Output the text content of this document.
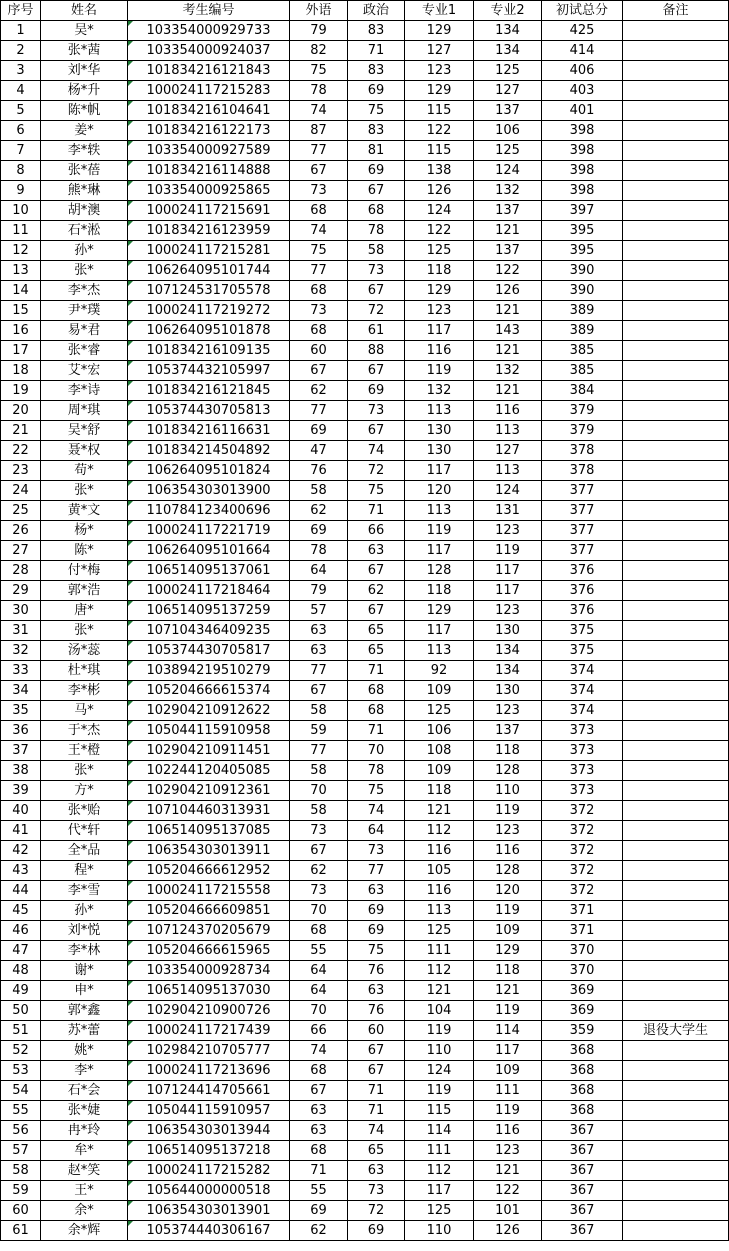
序号	姓名	考生编号	外语	政治	专业1	专业2	初试总分	备注
1	吴*	103354000929733	79	83	129	134	425	
2	张*茜	103354000924037	82	71	127	134	414	
3	刘*华	101834216121843	75	83	123	125	406	
4	杨*升	100024117215283	78	69	129	127	403	
5	陈*帆	101834216104641	74	75	115	137	401	
6	姜*	101834216122173	87	83	122	106	398	
7	李*轶	103354000927589	77	81	115	125	398	
8	张*蓓	101834216114888	67	69	138	124	398	
9	熊*琳	103354000925865	73	67	126	132	398	
10	胡*澳	100024117215691	68	68	124	137	397	
11	石*淞	101834216123959	74	78	122	121	395	
12	孙*	100024117215281	75	58	125	137	395	
13	张*	106264095101744	77	73	118	122	390	
14	李*杰	107124531705578	68	67	129	126	390	
15	尹*璞	100024117219272	73	72	123	121	389	
16	易*君	106264095101878	68	61	117	143	389	
17	张*睿	101834216109135	60	88	116	121	385	
18	艾*宏	105374432105997	67	67	119	132	385	
19	李*诗	101834216121845	62	69	132	121	384	
20	周*琪	105374430705813	77	73	113	116	379	
21	吴*舒	101834216116631	69	67	130	113	379	
22	聂*权	101834214504892	47	74	130	127	378	
23	苟*	106264095101824	76	72	117	113	378	
24	张*	106354303013900	58	75	120	124	377	
25	黄*文	110784123400696	62	71	113	131	377	
26	杨*	100024117221719	69	66	119	123	377	
27	陈*	106264095101664	78	63	117	119	377	
28	付*梅	106514095137061	64	67	128	117	376	
29	郭*浩	100024117218464	79	62	118	117	376	
30	唐*	106514095137259	57	67	129	123	376	
31	张*	107104346409235	63	65	117	130	375	
32	汤*蕊	105374430705817	63	65	113	134	375	
33	杜*琪	103894219510279	77	71	92	134	374	
34	李*彬	105204666615374	67	68	109	130	374	
35	马*	102904210912622	58	68	125	123	374	
36	于*杰	105044115910958	59	71	106	137	373	
37	王*橙	102904210911451	77	70	108	118	373	
38	张*	102244120405085	58	78	109	128	373	
39	方*	102904210912361	70	75	118	110	373	
40	张*贻	107104460313931	58	74	121	119	372	
41	代*轩	106514095137085	73	64	112	123	372	
42	全*品	106354303013911	67	73	116	116	372	
43	程*	105204666612952	62	77	105	128	372	
44	李*雪	100024117215558	73	63	116	120	372	
45	孙*	105204666609851	70	69	113	119	371	
46	刘*悦	107124370205679	68	69	125	109	371	
47	李*林	105204666615965	55	75	111	129	370	
48	谢*	103354000928734	64	76	112	118	370	
49	申*	106514095137030	64	63	121	121	369	
50	郭*鑫	102904210900726	70	76	104	119	369	
51	苏*蕾	100024117217439	66	60	119	114	359	退役大学生
52	姚*	102984210705777	74	67	110	117	368	
53	李*	100024117213696	68	67	124	109	368	
54	石*会	107124414705661	67	71	119	111	368	
55	张*婕	105044115910957	63	71	115	119	368	
56	冉*玲	106354303013944	63	74	114	116	367	
57	牟*	106514095137218	68	65	111	123	367	
58	赵*笑	100024117215282	71	63	112	121	367	
59	王*	105644000000518	55	73	117	122	367	
60	余*	106354303013901	69	72	125	101	367	
61	余*辉	105374440306167	62	69	110	126	367	
